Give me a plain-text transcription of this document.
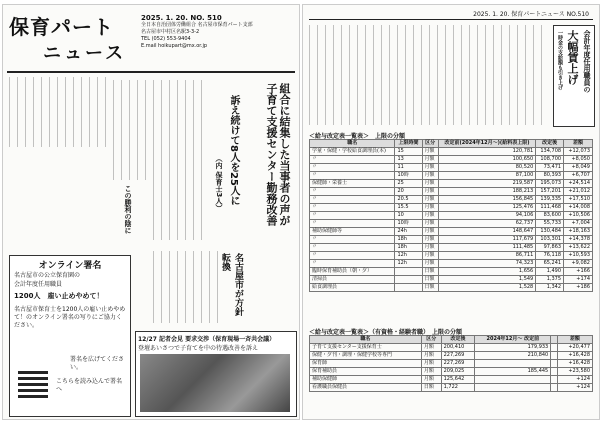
保育パート
ニュース
2025. 1. 20. NO. 510
全日本自治団体労働組合 名古屋市保育パート支部
名古屋市中村区名駅3-3-2
TEL (052) 553-9404
E.mail hoikupart@mx.or.jp
組合に結集した当事者の声が子育て支援センター勤務改善
訴え続けて8人を25人に
（内 保育士3人）
この勝利の陰に
名古屋市が方針転換
オンライン署名
名古屋市の公立保育園の
会計年度任用職員
1200人　雇い止めやめて！
名古屋市保育士を1200人の雇い止めやめて！のオンライン署名の写りにご協力ください。
署名を広げてください。
こちらを読み込んで署名へ
12/27 記者会見 要求交渉（保育現場一斉共会議）
登壇あいさつで子育てを中の待遇改善を訴え
2025. 1. 20. 保育パートニュース NO.510
会計年度任用職員の
大幅賃上げ
一時金の支給額も引き上げ
＜給与改定表一覧表＞　上限の分額
職名	上限時間	区分	改定前(2024年12月〜)(給料表上限)	改定後	差額
学童・保健・学校給食調理員(本)	15	月額	120,781	134,708	+12,073
〃	13	月額	100,650	108,700	+8,050
〃	11	月額	80,520	73,471	+8,049
〃	10時	月額	87,100	80,393	+6,707
保健師・栄養士	25	月額	219,587	195,073	+24,514
〃	20	月額	188,213	157,201	+21,012
〃	20.5	月額	156,845	139,335	+17,510
〃	15.5	月額	125,476	111,468	+14,008
〃	10	月額	94,106	83,600	+10,506
〃	10時	月額	62,737	55,733	+7,004
補助保健師等	24h	月額	148,647	130,484	+18,163
〃	18h	月額	117,679	103,301	+14,378
〃	18h	月額	111,485	97,863	+13,622
〃	12h	月額	86,711	76,118	+10,593
〃	12h	月額	74,323	65,241	+9,082
臨時保育補助員（朝・夕）		日額	1,656	1,490	+166
清掃員		日額	1,549	1,375	+174
給食調理員		日額	1,528	1,342	+186
＜給与改定表一覧表＞（有資格・経験者職）　上限の分額
職名	区分	改定後	2024年12月〜 改定前		差額
子育て支援センター支援保育士	月額	200,410	179,933		+20,477
保健・夕刊・調理・保健学校等専門	月額	227,269	210,840		+16,428
保育師	月額	227,269			+16,428
保育補助員	月額	209,025	185,445		+23,580
補助保健師	月額	125,642			+124
看護職員保健員	日額	1,722			+124
